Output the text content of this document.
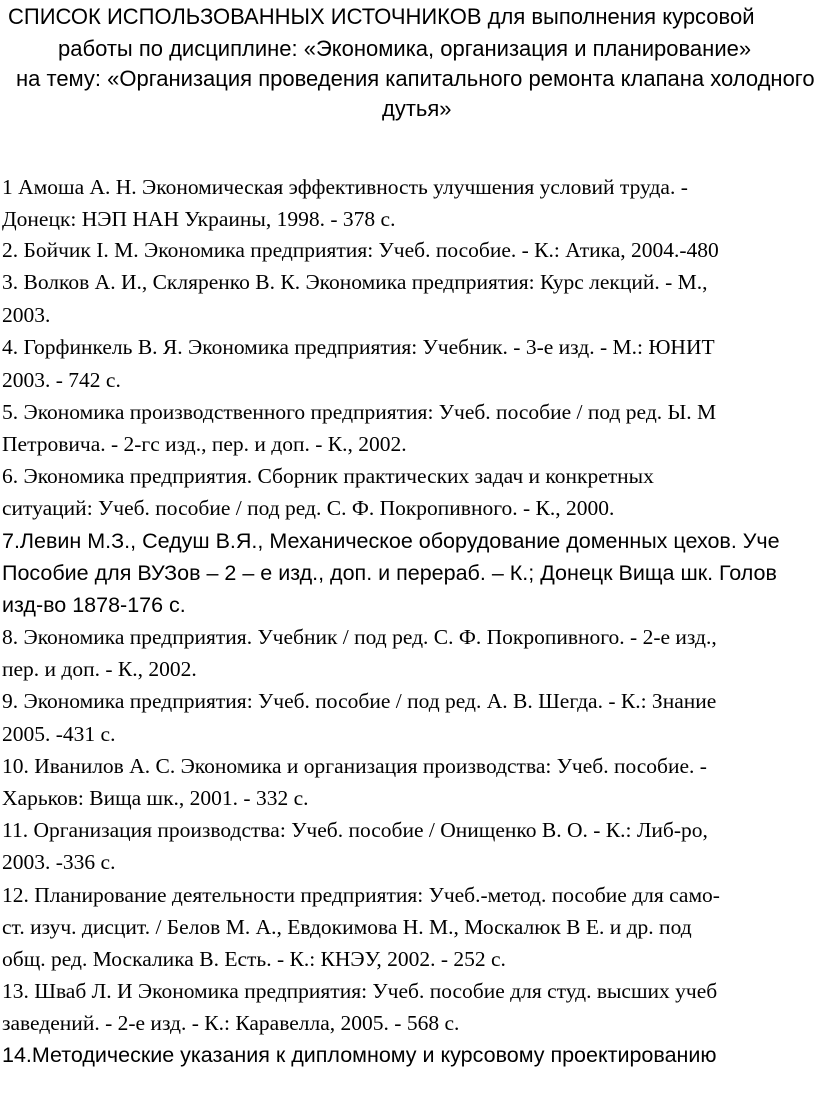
СПИСОК ИСПОЛЬЗОВАННЫХ ИСТОЧНИКОВ для выполнения курсовой
работы по дисциплине: «Экономика, организация и планирование»
на тему: «Организация проведения капитального ремонта клапана холодного
дутья»
1 Амоша А. Н. Экономическая эффективность улучшения условий труда. -
Донецк: НЭП НАН Украины, 1998. - 378 с.
2. Бойчик I. М. Экономика предприятия: Учеб. пособие. - К.: Атика, 2004.-480
3. Волков А. И., Скляренко В. К. Экономика предприятия: Курс лекций. - М.,
2003.
4. Горфинкель В. Я. Экономика предприятия: Учебник. - 3-е изд. - М.: ЮНИТ
2003. - 742 с.
5. Экономика производственного предприятия: Учеб. пособие / под ред. Ы. М
Петровича. - 2-гс изд., пер. и доп. - К., 2002.
6. Экономика предприятия. Сборник практических задач и конкретных
ситуаций: Учеб. пособие / под ред. С. Ф. Покропивного. - К., 2000.
7.Левин М.З., Седуш В.Я., Механическое оборудование доменных цехов. Уче
Пособие для ВУЗов – 2 – е изд., доп. и перераб. – К.; Донецк Вища шк. Голов
изд-во 1878-176 с.
8. Экономика предприятия. Учебник / под ред. С. Ф. Покропивного. - 2-е изд.,
пер. и доп. - К., 2002.
9. Экономика предприятия: Учеб. пособие / под ред. А. В. Шегда. - К.: Знание
2005. -431 с.
10. Иванилов А. С. Экономика и организация производства: Учеб. пособие. -
Харьков: Вища шк., 2001. - 332 с.
11. Организация производства: Учеб. пособие / Онищенко В. О. - К.: Либ-ро,
2003. -336 с.
12. Планирование деятельности предприятия: Учеб.-метод. пособие для само-
ст. изуч. дисцит. / Белов М. А., Евдокимова Н. М., Москалюк В Е. и др. под
общ. ред. Москалика В. Есть. - К.: КНЭУ, 2002. - 252 с.
13. Шваб Л. И Экономика предприятия: Учеб. пособие для студ. высших учеб
заведений. - 2-е изд. - К.: Каравелла, 2005. - 568 с.
14.Методические указания к дипломному и курсовому проектированию
